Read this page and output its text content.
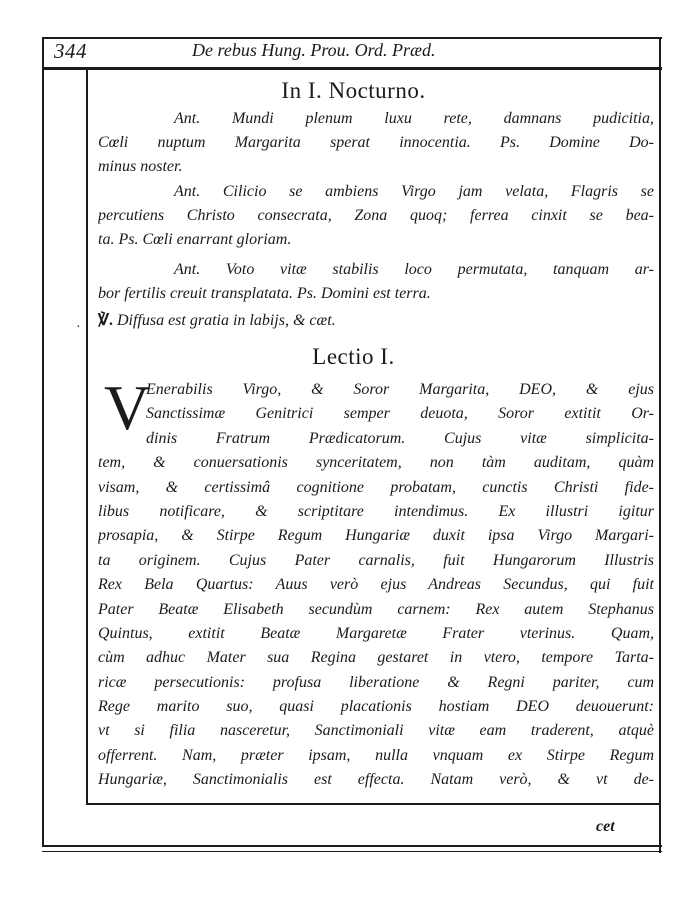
344	De rebus Hung. Prou. Ord. Præd.
In I. Nocturno.
Ant. Mundi plenum luxu rete, damnans pudicitia,
Cœli nuptum Margarita sperat innocentia. Ps. Domine Do-
minus noster.
Ant. Cilicio se ambiens Virgo jam velata, Flagris se
percutiens Christo consecrata, Zona quoq; ferrea cinxit se bea-
ta. Ps. Cœli enarrant gloriam.
Ant. Voto vitæ stabilis loco permutata, tanquam ar-
bor fertilis creuit transplatata. Ps. Domini est terra.
℣. Diffusa est gratia in labijs, & cæt.
·
Lectio I.
V
Enerabilis Virgo, & Soror Margarita, DEO, & ejus
Sanctissimæ Genitrici semper deuota, Soror extitit Or-
dinis Fratrum Prædicatorum. Cujus vitæ simplicita-
tem, & conuersationis synceritatem, non tàm auditam, quàm
visam, & certissimâ cognitione probatam, cunctis Christi fide-
libus notificare, & scriptitare intendimus. Ex illustri igitur
prosapia, & Stirpe Regum Hungariæ duxit ipsa Virgo Margari-
ta originem. Cujus Pater carnalis, fuit Hungarorum Illustris
Rex Bela Quartus: Auus verò ejus Andreas Secundus, qui fuit
Pater Beatæ Elisabeth secundùm carnem: Rex autem Stephanus
Quintus, extitit Beatæ Margaretæ Frater vterinus. Quam,
cùm adhuc Mater sua Regina gestaret in vtero, tempore Tarta-
ricæ persecutionis: profusa liberatione & Regni pariter, cum
Rege marito suo, quasi placationis hostiam DEO deuouerunt:
vt si filia nasceretur, Sanctimoniali vitæ eam traderent, atquè
offerrent. Nam, præter ipsam, nulla vnquam ex Stirpe Regum
Hungariæ, Sanctimonialis est effecta. Natam verò, & vt de-
cet
